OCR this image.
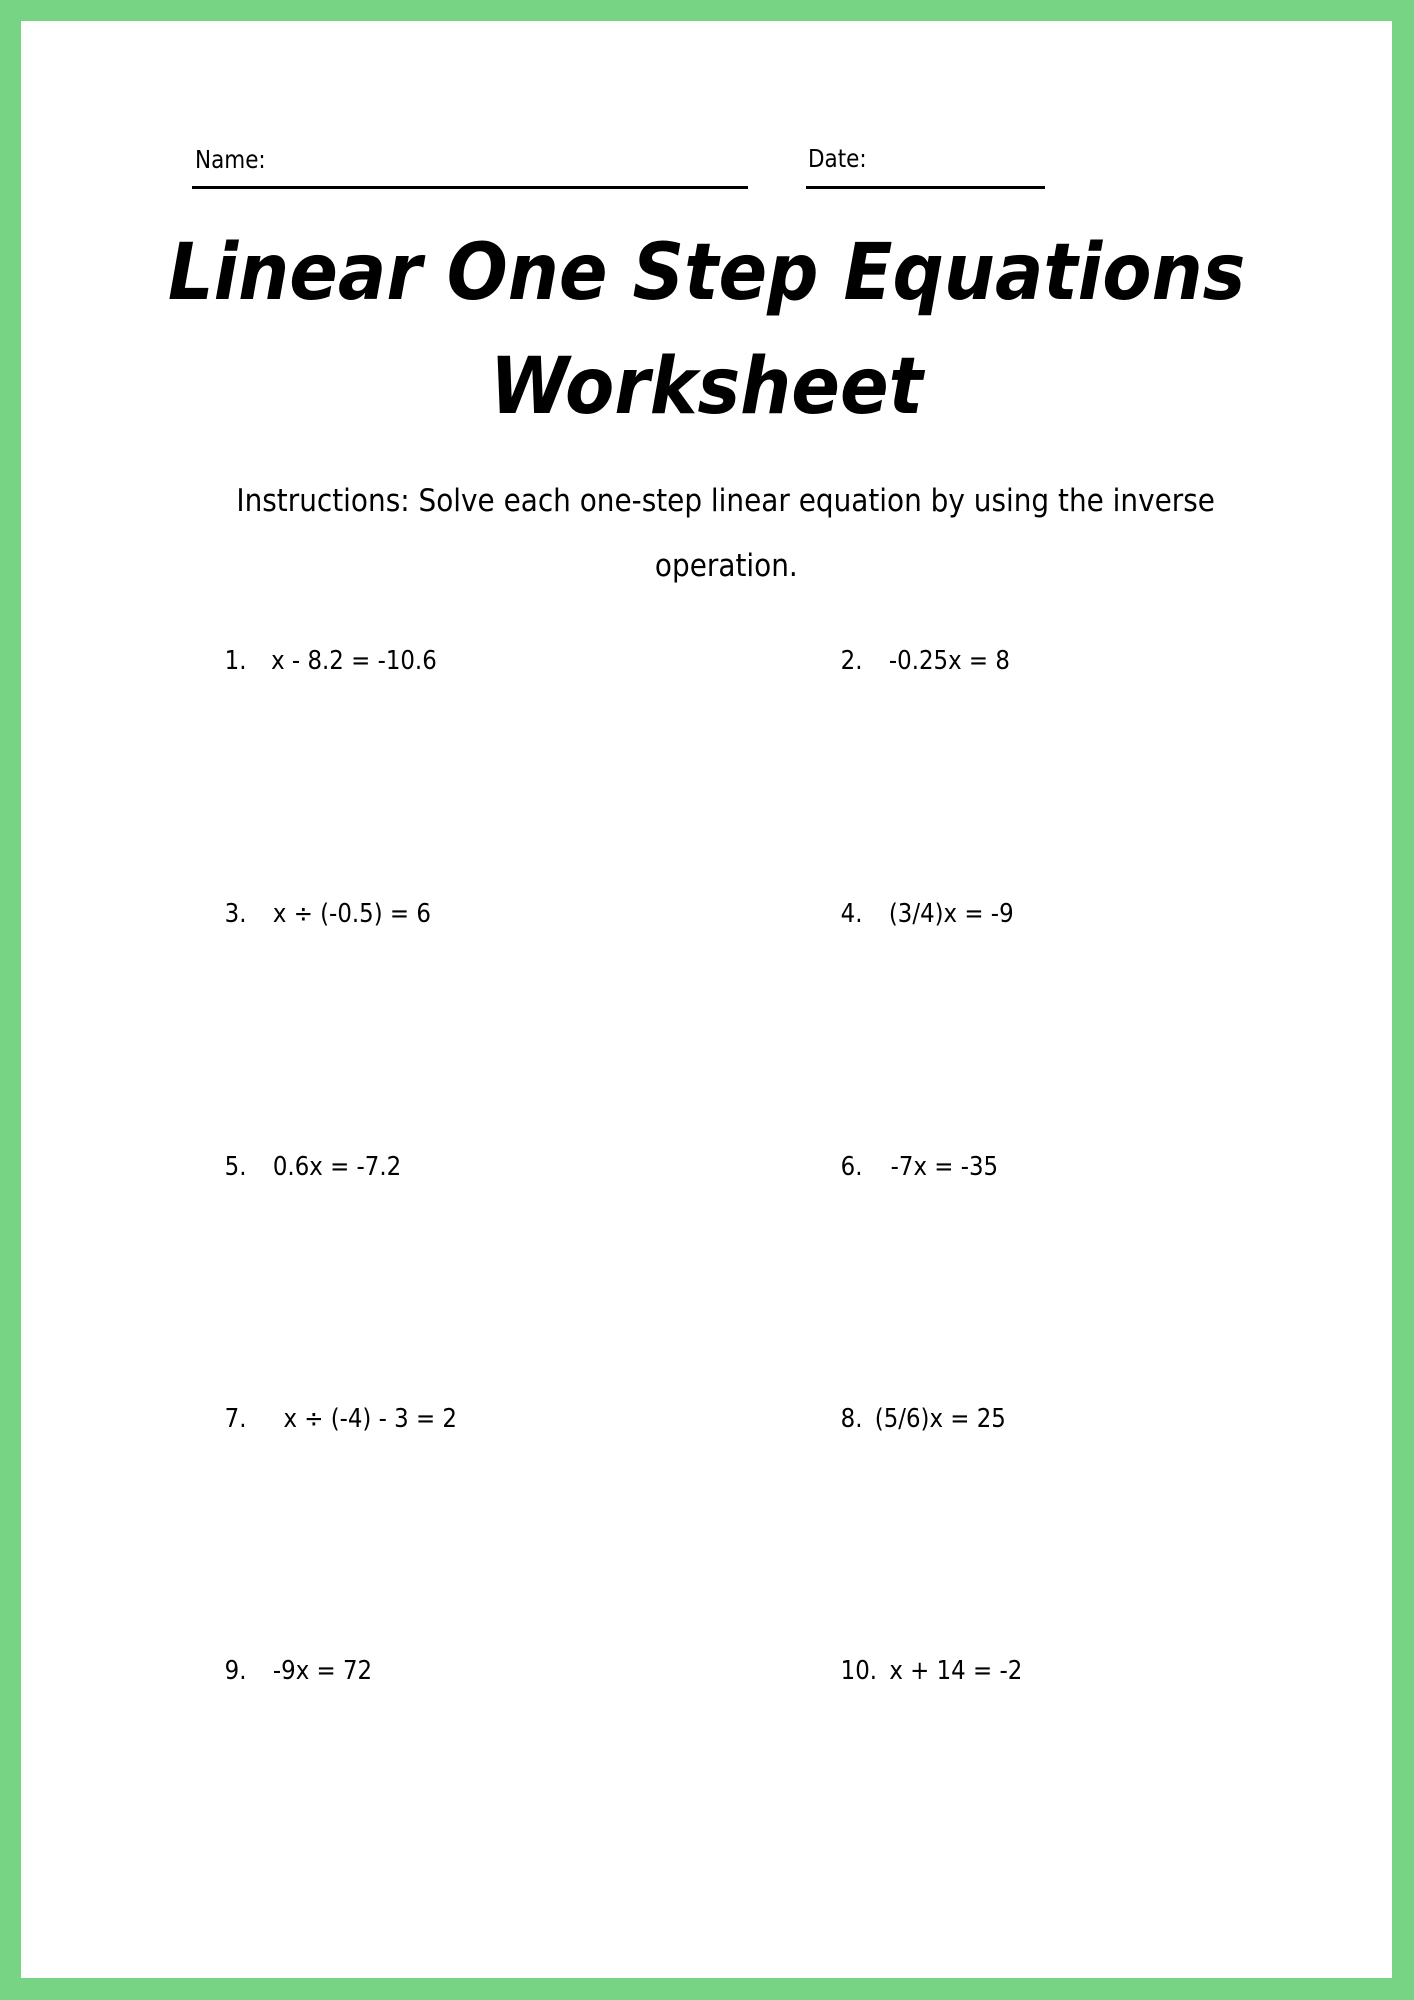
Name:	Date:
Linear One Step Equations
Worksheet
Instructions: Solve each one-step linear equation by using the inverse
operation.

1. x - 8.2 = -10.6
	2. -0.25x = 8

3. x ÷ (-0.5) = 6
	4. (3/4)x = -9

5. 0.6x = -7.2
	6. -7x = -35

7. x ÷ (-4) - 3 = 2
	8. (5/6)x = 25

9. -9x = 72
	10. x + 14 = -2
